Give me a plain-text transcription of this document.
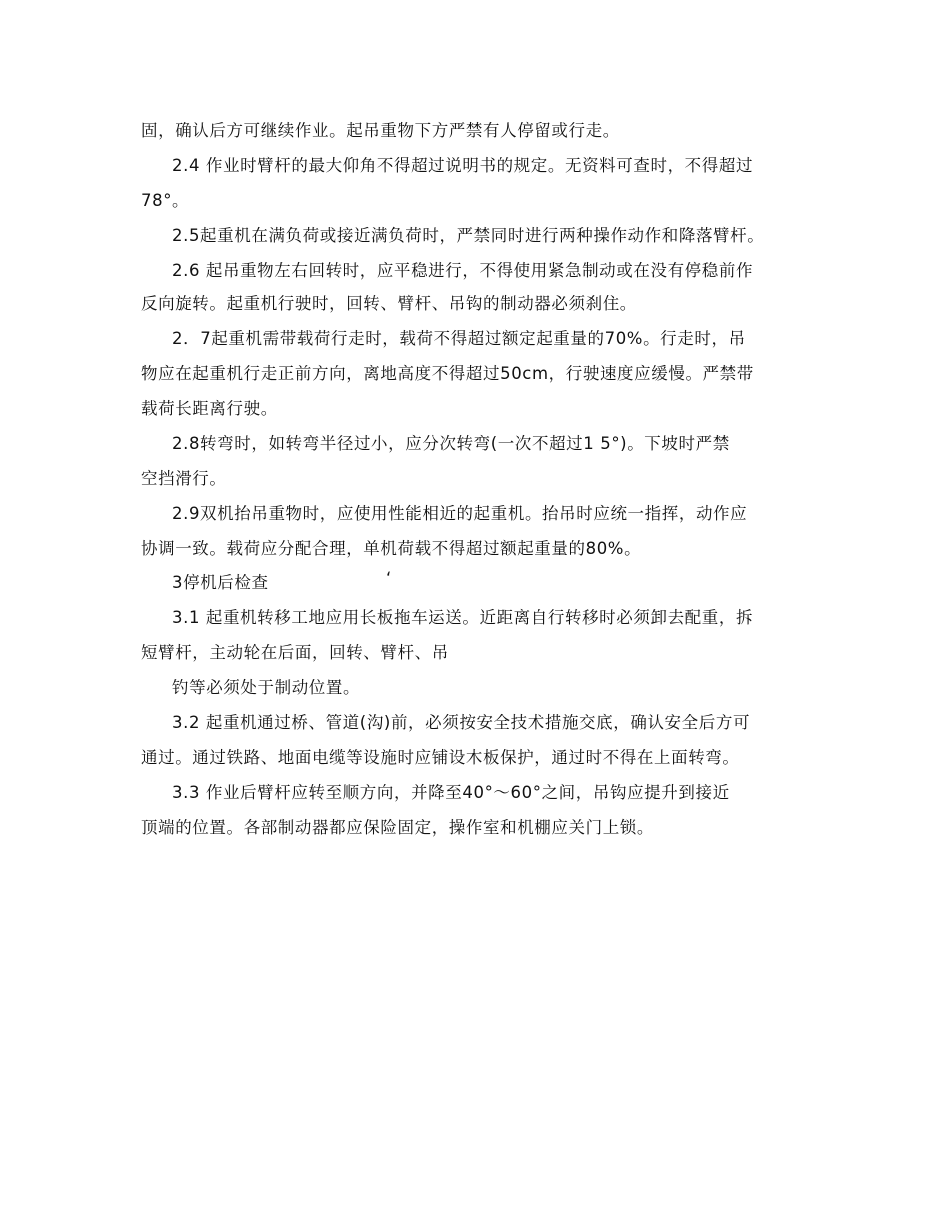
固，确认后方可继续作业。起吊重物下方严禁有人停留或行走。
2.4 作业时臂杆的最大仰角不得超过说明书的规定。无资料可查时，不得超过
78°。
2.5起重机在满负荷或接近满负荷时，严禁同时进行两种操作动作和降落臂杆。
2.6 起吊重物左右回转时，应平稳进行，不得使用紧急制动或在没有停稳前作
反向旋转。起重机行驶时，回转、臂杆、吊钩的制动器必须刹住。
2．7起重机需带载荷行走时，载荷不得超过额定起重量的70%。行走时，吊
物应在起重机行走正前方向，离地高度不得超过50cm，行驶速度应缓慢。严禁带
载荷长距离行驶。
2.8转弯时，如转弯半径过小，应分次转弯(一次不超过1 5°)。下坡时严禁
空挡滑行。
2.9双机抬吊重物时，应使用性能相近的起重机。抬吊时应统一指挥，动作应
协调一致。载荷应分配合理，单机荷载不得超过额起重量的80%。
3停机后检查	‘
3.1 起重机转移工地应用长板拖车运送。近距离自行转移时必须卸去配重，拆
短臂杆，主动轮在后面，回转、臂杆、吊
钓等必须处于制动位置。
3.2 起重机通过桥、管道(沟)前，必须按安全技术措施交底，确认安全后方可
通过。通过铁路、地面电缆等设施时应铺设木板保护，通过时不得在上面转弯。
3.3 作业后臂杆应转至顺方向，并降至40°～60°之间，吊钩应提升到接近
顶端的位置。各部制动器都应保险固定，操作室和机棚应关门上锁。
